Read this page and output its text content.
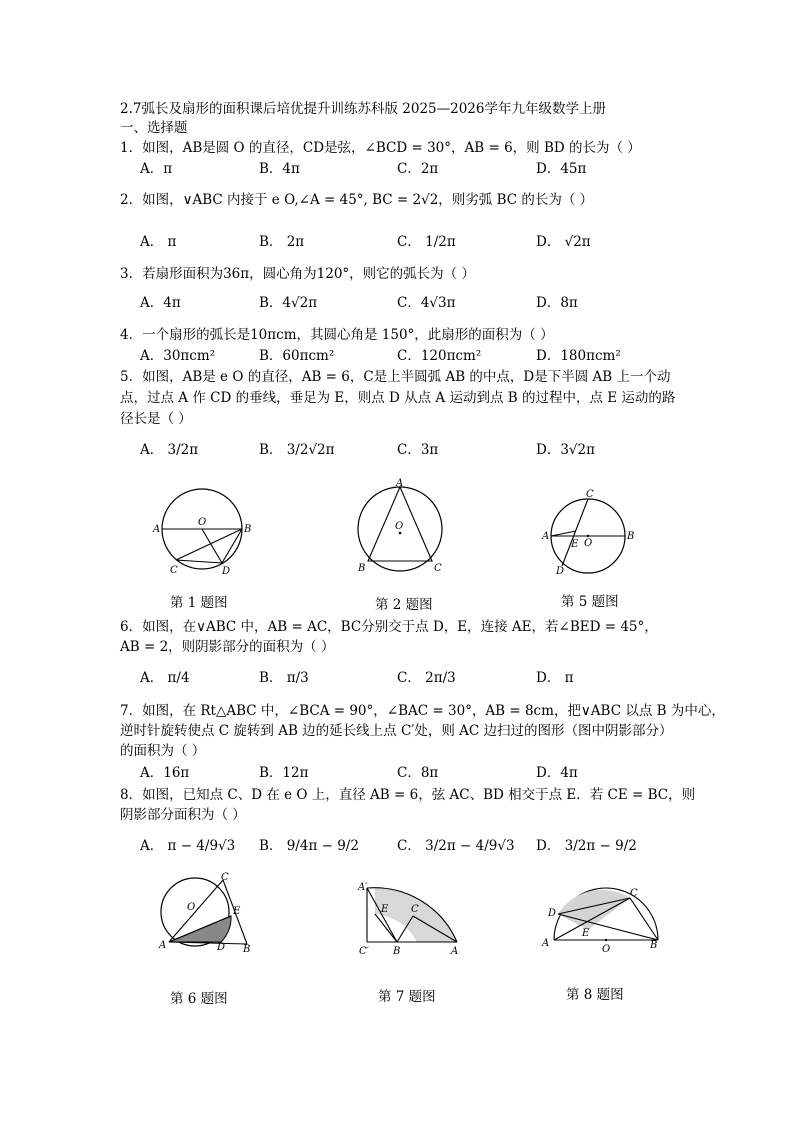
2.7弧长及扇形的面积课后培优提升训练苏科版 2025—2026学年九年级数学上册
一、选择题
1．如图，AB是圆 O 的直径，CD是弦，∠BCD = 30°，AB = 6，则 BD 的长为（ ）
A．π	B．4π	C．2π	D．45π
2．如图，∨ABC 内接于 e O,∠A = 45°, BC = 2√2，则劣弧 BC 的长为（ ）
A． π	B． 2π	C． 1/2π	D． √2π
3．若扇形面积为36π，圆心角为120°，则它的弧长为（ ）
A．4π	B．4√2π	C．4√3π	D．8π
4．一个扇形的弧长是10πcm，其圆心角是 150°，此扇形的面积为（ ）
A．30πcm²	B．60πcm²	C．120πcm²	D．180πcm²
5．如图，AB是 e O 的直径，AB = 6，C是上半圆弧 AB 的中点，D是下半圆 AB 上一个动
点，过点 A 作 CD 的垂线，垂足为 E，则点 D 从点 A 运动到点 B 的过程中，点 E 运动的路
径长是（ ）
A． 3/2π	B． 3/2√2π	C．3π	D．3√2π
A
O
B
C	D
第 1 题图
A
O
B	C
第 2 题图
C
A
E O
B
D
第 5 题图
6．如图，在∨ABC 中，AB = AC，BC分别交于点 D，E，连接 AE，若∠BED = 45°，
AB = 2，则阴影部分的面积为（ ）
A． π/4	B． π/3	C． 2π/3	D． π
7．如图，在 Rt△ABC 中，∠BCA = 90°，∠BAC = 30°，AB = 8cm，把∨ABC 以点 B 为中心，
逆时针旋转使点 C 旋转到 AB 边的延长线上点 C′处，则 AC 边扫过的图形（图中阴影部分）
的面积为（ ）
A．16π	B．12π	C．8π	D．4π
8．如图，已知点 C、D 在 e O 上，直径 AB = 6，弦 AC、BD 相交于点 E．若 CE = BC，则
阴影部分面积为（ ）
A． π − 4/9√3 B． 9/4π − 9/2	C． 3/2π − 4/9√3 D． 3/2π − 9/2
C
O	E
A	D B
第 6 题图
A′
E C
C′ B	A
第 7 题图
C
D
E
A
O	B
第 8 题图
